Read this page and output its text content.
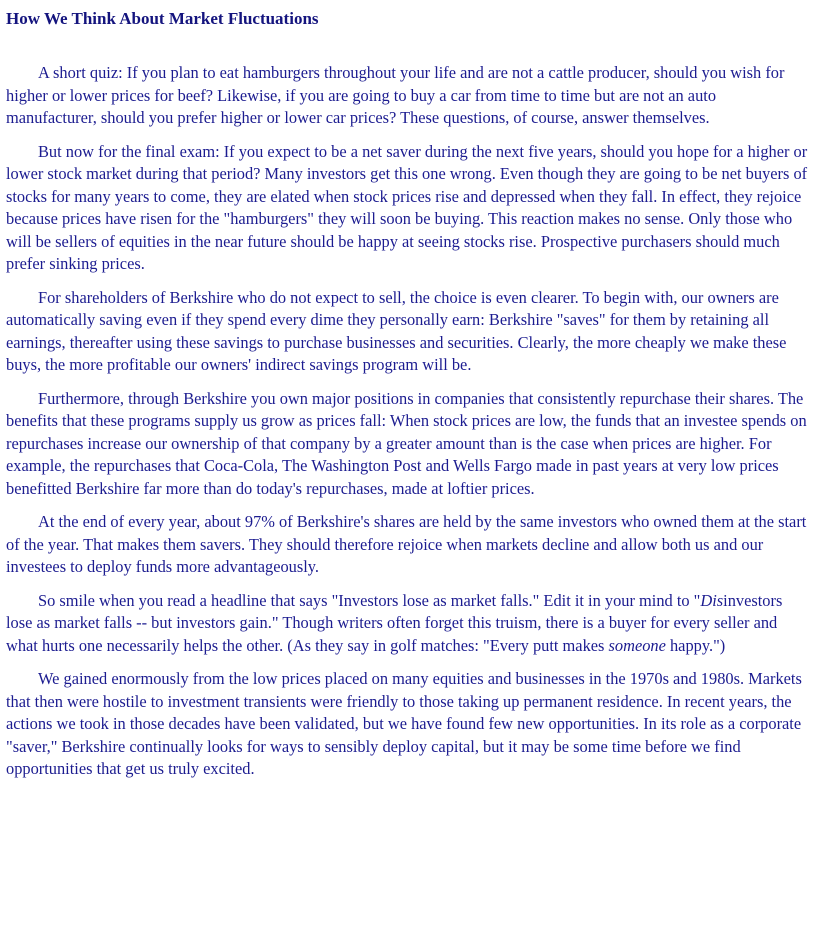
How We Think About Market Fluctuations

A short quiz: If you plan to eat hamburgers throughout your life and are not a cattle producer, should you wish for higher or lower prices for beef? Likewise, if you are going to buy a car from time to time but are not an auto manufacturer, should you prefer higher or lower car prices? These questions, of course, answer themselves.

But now for the final exam: If you expect to be a net saver during the next five years, should you hope for a higher or lower stock market during that period? Many investors get this one wrong. Even though they are going to be net buyers of stocks for many years to come, they are elated when stock prices rise and depressed when they fall. In effect, they rejoice because prices have risen for the "hamburgers" they will soon be buying. This reaction makes no sense. Only those who will be sellers of equities in the near future should be happy at seeing stocks rise. Prospective purchasers should much prefer sinking prices.

For shareholders of Berkshire who do not expect to sell, the choice is even clearer. To begin with, our owners are automatically saving even if they spend every dime they personally earn: Berkshire "saves" for them by retaining all earnings, thereafter using these savings to purchase businesses and securities. Clearly, the more cheaply we make these buys, the more profitable our owners' indirect savings program will be.

Furthermore, through Berkshire you own major positions in companies that consistently repurchase their shares. The benefits that these programs supply us grow as prices fall: When stock prices are low, the funds that an investee spends on repurchases increase our ownership of that company by a greater amount than is the case when prices are higher. For example, the repurchases that Coca-Cola, The Washington Post and Wells Fargo made in past years at very low prices benefitted Berkshire far more than do today's repurchases, made at loftier prices.

At the end of every year, about 97% of Berkshire's shares are held by the same investors who owned them at the start of the year. That makes them savers. They should therefore rejoice when markets decline and allow both us and our investees to deploy funds more advantageously.

So smile when you read a headline that says "Investors lose as market falls." Edit it in your mind to "Disinvestors lose as market falls -- but investors gain." Though writers often forget this truism, there is a buyer for every seller and what hurts one necessarily helps the other. (As they say in golf matches: "Every putt makes someone happy.")

We gained enormously from the low prices placed on many equities and businesses in the 1970s and 1980s. Markets that then were hostile to investment transients were friendly to those taking up permanent residence. In recent years, the actions we took in those decades have been validated, but we have found few new opportunities. In its role as a corporate "saver," Berkshire continually looks for ways to sensibly deploy capital, but it may be some time before we find opportunities that get us truly excited.
